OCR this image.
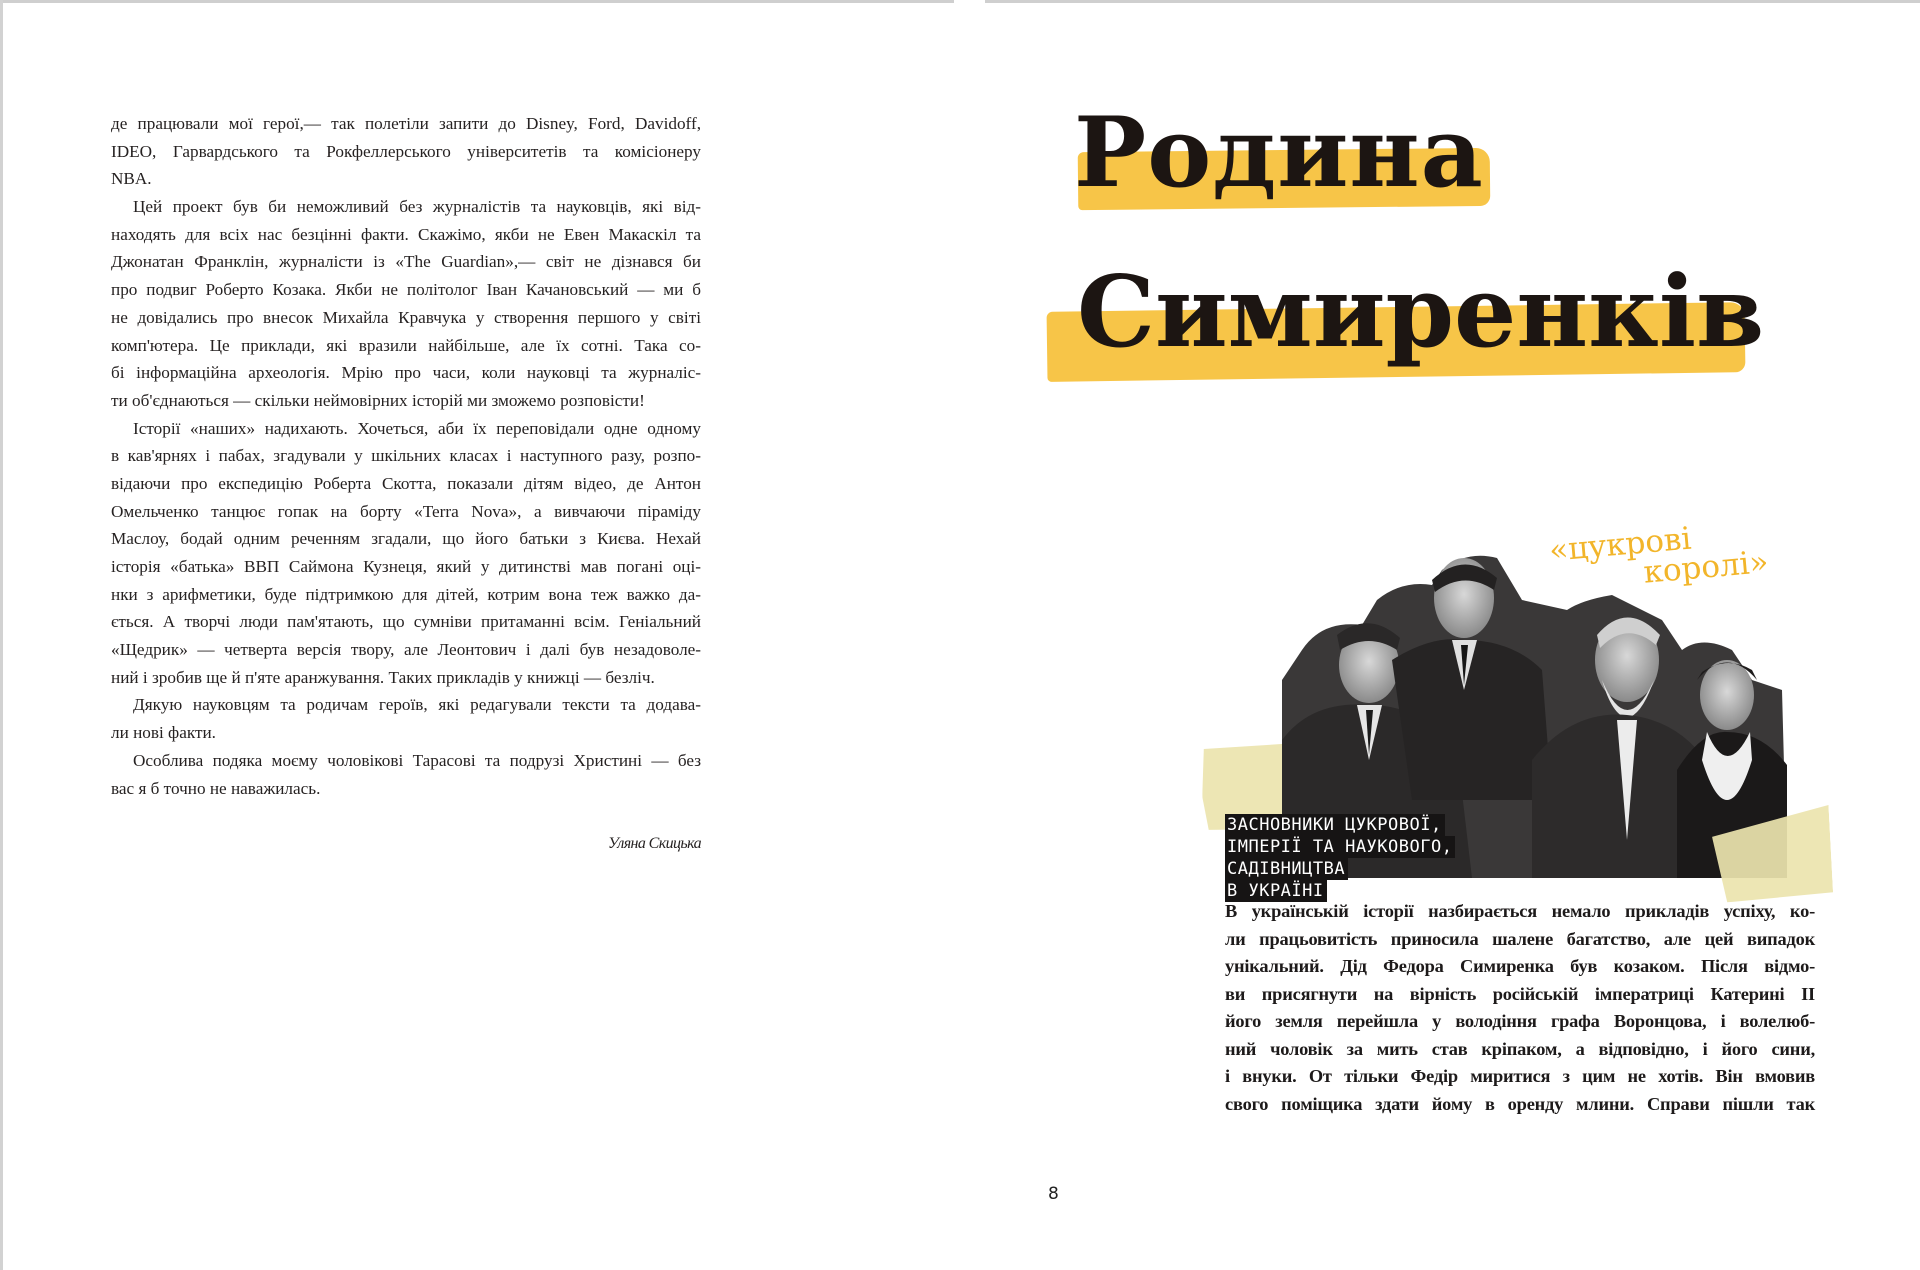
де працювали мої герої,— так полетіли запити до Disney, Ford, Davidoff,
IDEO, Гарвардського та Рокфеллерського університетів та комісіонеру
NBA.
Цей проект був би неможливий без журналістів та науковців, які від-
находять для всіх нас безцінні факти. Скажімо, якби не Евен Макаскіл та
Джонатан Франклін, журналісти із «The Guardian»,— світ не дізнався би
про подвиг Роберто Козака. Якби не політолог Іван Качановський — ми б
не довідались про внесок Михайла Кравчука у створення першого у світі
комп'ютера. Це приклади, які вразили найбільше, але їх сотні. Така со-
бі інформаційна археологія. Мрію про часи, коли науковці та журналіс-
ти об'єднаються — скільки неймовірних історій ми зможемо розповісти!
Історії «наших» надихають. Хочеться, аби їх переповідали одне одному
в кав'ярнях і пабах, згадували у шкільних класах і наступного разу, розпо-
відаючи про експедицію Роберта Скотта, показали дітям відео, де Антон
Омельченко танцює гопак на борту «Terra Nova», а вивчаючи піраміду
Маслоу, бодай одним реченням згадали, що його батьки з Києва. Нехай
історія «батька» ВВП Саймона Кузнеця, який у дитинстві мав погані оці-
нки з арифметики, буде підтримкою для дітей, котрим вона теж важко да-
ється. А творчі люди пам'ятають, що сумніви притаманні всім. Геніальний
«Щедрик» — четверта версія твору, але Леонтович і далі був незадоволе-
ний і зробив ще й п'яте аранжування. Таких прикладів у книжці — безліч.
Дякую науковцям та родичам героїв, які редагували тексти та додава-
ли нові факти.
Особлива подяка моєму чоловікові Тарасові та подрузі Христині — без
вас я б точно не наважилась.
Уляна Скицька
Родина
Симиренків
«цукрові
королі»
ЗАСНОВНИКИ ЦУКРОВОЇ,
ІМПЕРІЇ ТА НАУКОВОГО,
САДІВНИЦТВА
В УКРАЇНІ
В українській історії назбирається немало прикладів успіху, ко-
ли працьовитість приносила шалене багатство, але цей випадок
унікальний. Дід Федора Симиренка був козаком. Після відмо-
ви присягнути на вірність російській імператриці Катерині II
його земля перейшла у володіння графа Воронцова, і волелюб-
ний чоловік за мить став кріпаком, а відповідно, і його сини,
і внуки. От тільки Федір миритися з цим не хотів. Він вмовив
свого поміщика здати йому в оренду млини. Справи пішли так
8
